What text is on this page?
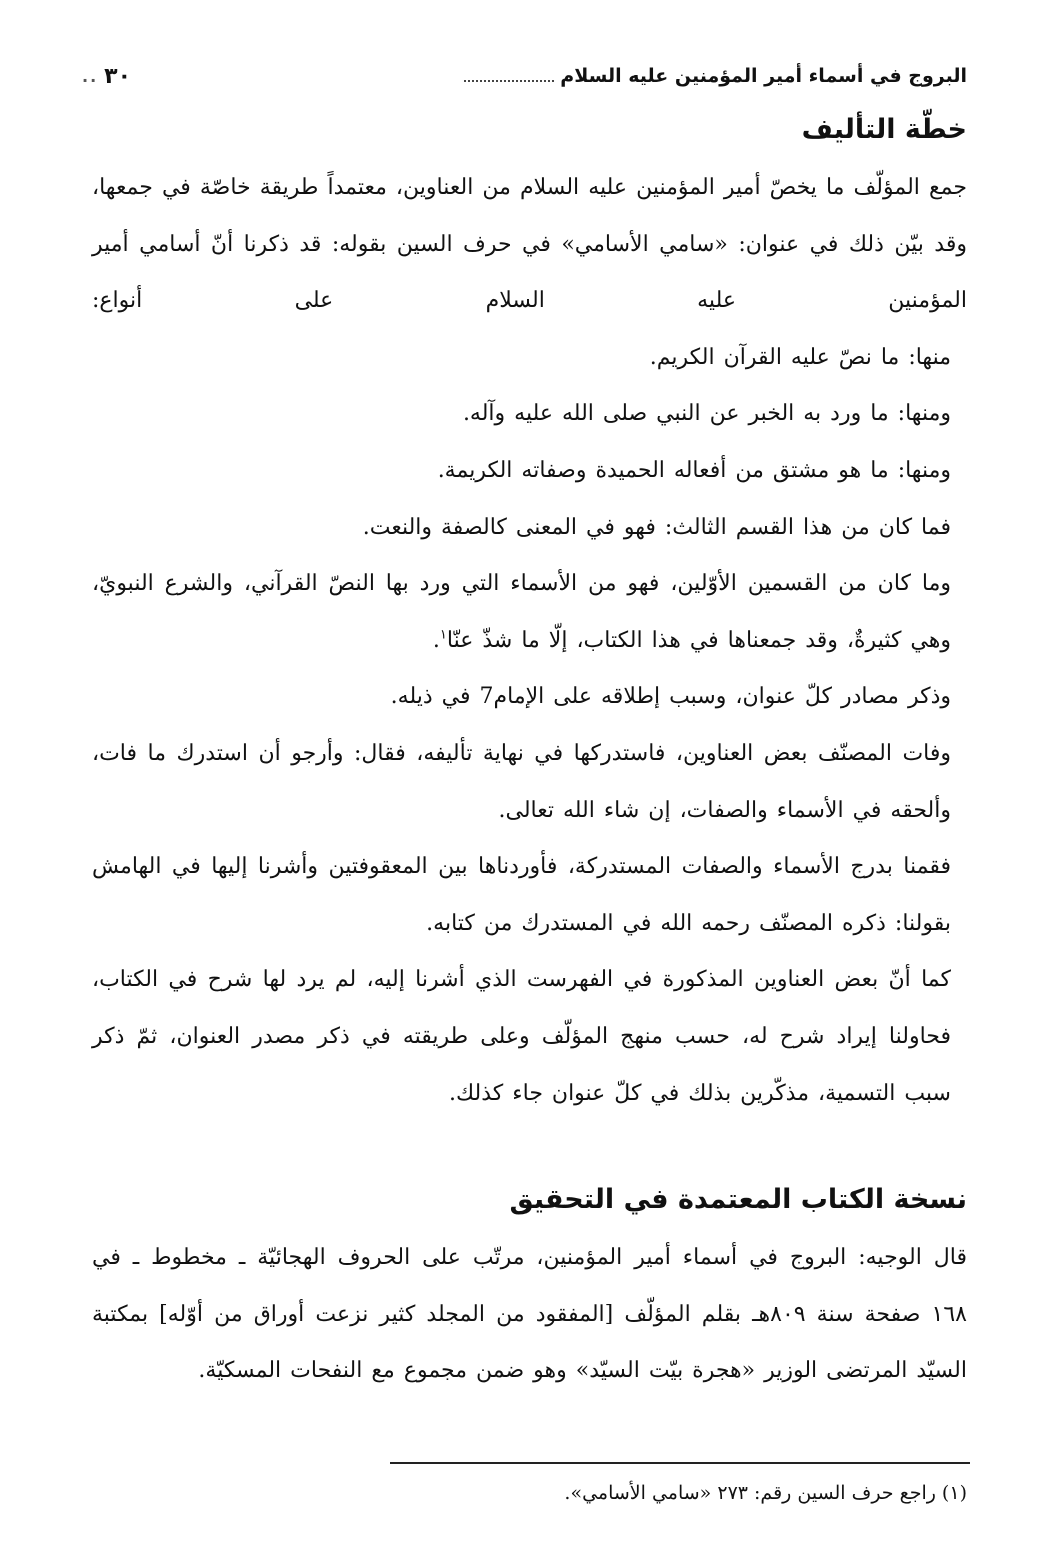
البروج في أسماء أمير المؤمنين عليه السلام
.. ٣٠
خطّة التأليف

جمع المؤلّف ما يخصّ أمير المؤمنين عليه السلام من العناوين، معتمداً طريقة خاصّة في جمعها، وقد بيّن ذلك في عنوان: «سامي الأسامي» في حرف السين بقوله: قد ذكرنا أنّ أسامي أمير المؤمنين عليه السلام على أنواع:

منها: ما نصّ عليه القرآن الكريم.

ومنها: ما ورد به الخبر عن النبي صلى الله عليه وآله.

ومنها: ما هو مشتق من أفعاله الحميدة وصفاته الكريمة.

فما كان من هذا القسم الثالث: فهو في المعنى كالصفة والنعت.

وما كان من القسمين الأوّلين، فهو من الأسماء التي ورد بها النصّ القرآني، والشرع النبويّ، وهي كثيرةٌ، وقد جمعناها في هذا الكتاب، إلّا ما شذّ عنّا$^١$.

وذكر مصادر كلّ عنوان، وسبب إطلاقه على الإمام7 في ذيله.

وفات المصنّف بعض العناوين، فاستدركها في نهاية تأليفه، فقال: وأرجو أن استدرك ما فات، وألحقه في الأسماء والصفات، إن شاء الله تعالى.

فقمنا بدرج الأسماء والصفات المستدركة، فأوردناها بين المعقوفتين وأشرنا إليها في الهامش بقولنا: ذكره المصنّف رحمه الله في المستدرك من كتابه.

كما أنّ بعض العناوين المذكورة في الفهرست الذي أشرنا إليه، لم يرد لها شرح في الكتاب، فحاولنا إيراد شرح له، حسب منهج المؤلّف وعلى طريقته في ذكر مصدر العنوان، ثمّ ذكر سبب التسمية، مذكّرين بذلك في كلّ عنوان جاء كذلك.

نسخة الكتاب المعتمدة في التحقيق

قال الوجيه: البروج في أسماء أمير المؤمنين، مرتّب على الحروف الهجائيّة ـ مخطوط ـ في ١٦٨ صفحة سنة ٨٠٩هـ بقلم المؤلّف [المفقود من المجلد كثير نزعت أوراق من أوّله] بمكتبة السيّد المرتضى الوزير «هجرة بيّت السيّد» وهو ضمن مجموع مع النفحات المسكيّة.

(١) راجع حرف السين رقم: ٢٧٣ «سامي الأسامي».
